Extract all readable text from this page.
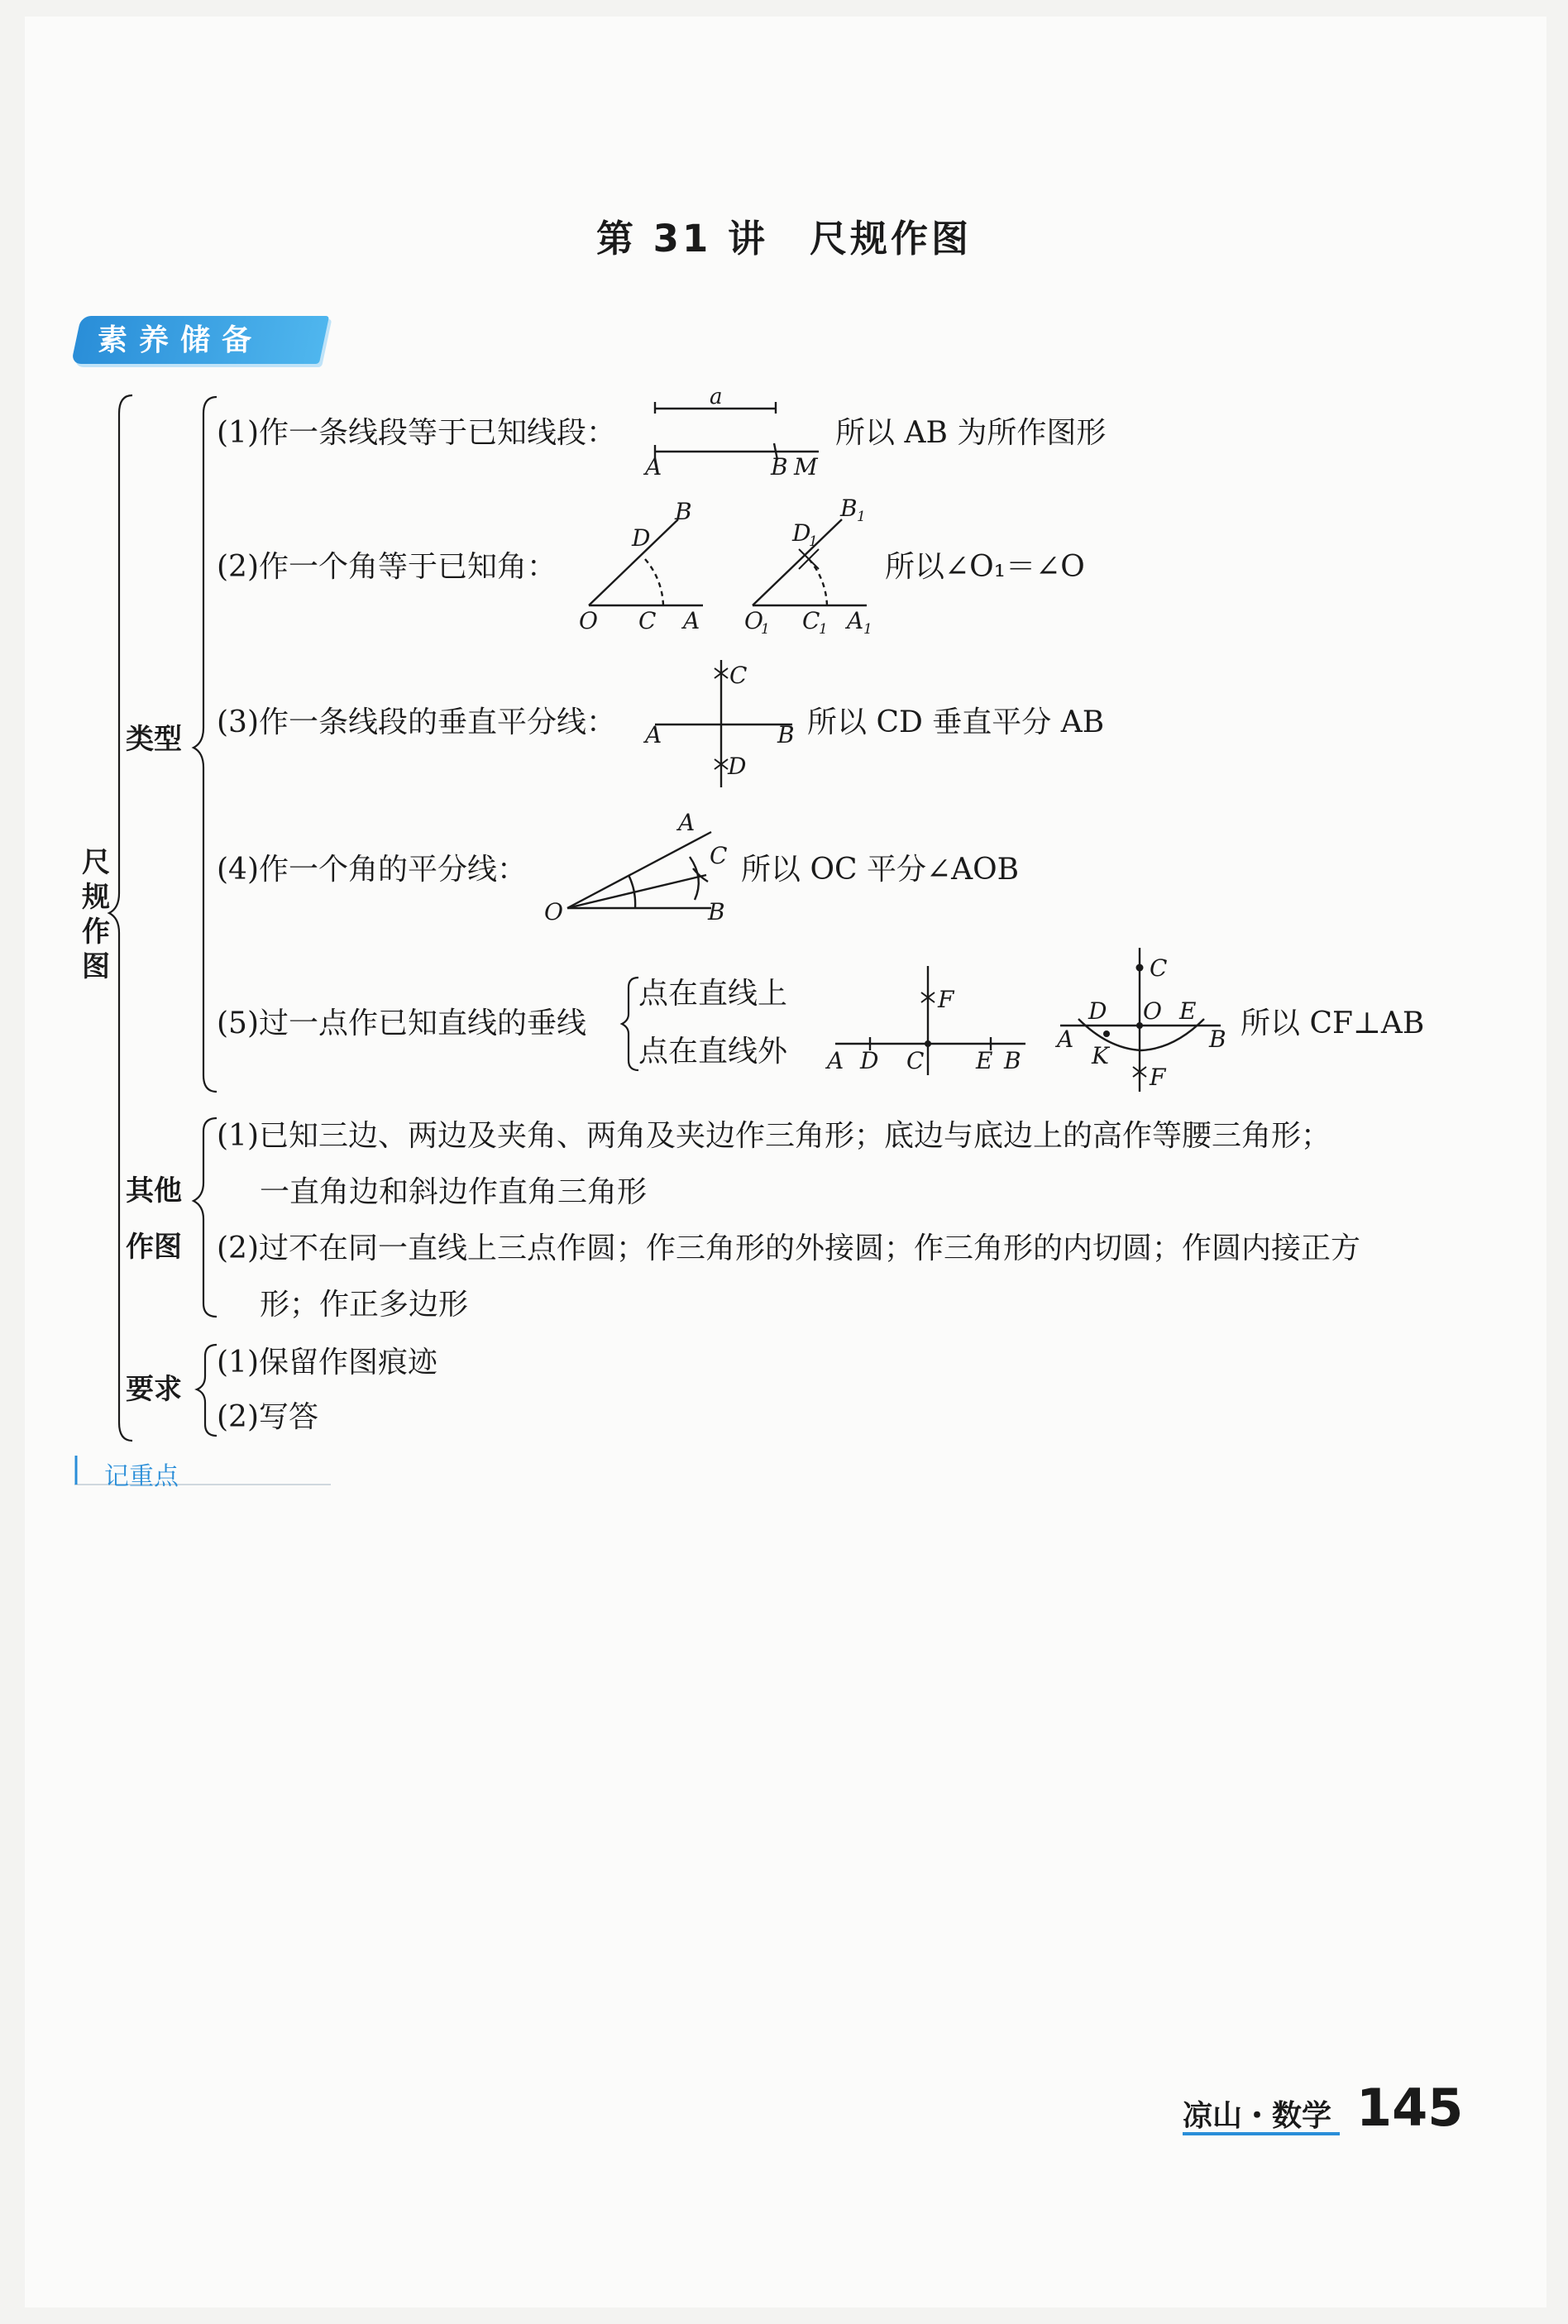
第 31 讲 尺规作图
素养储备
尺规作图
类型
其他
作图
要求
(1)作一条线段等于已知线段：	所以 AB 为所作图形
(2)作一个角等于已知角：	所以∠O₁＝∠O
(3)作一条线段的垂直平分线：	所以 CD 垂直平分 AB
(4)作一个角的平分线：	所以 OC 平分∠AOB
(5)过一点作已知直线的垂线
点在直线上
点在直线外
所以 CF⊥AB
(1)已知三边、两边及夹角、两角及夹边作三角形；底边与底边上的高作等腰三角形；
一直角边和斜边作直角三角形
(2)过不在同一直线上三点作圆；作三角形的外接圆；作三角形的内切圆；作圆内接正方
形；作正多边形
(1)保留作图痕迹
(2)写答
记重点
a
A	B M
O C A
D
B
O
1 C
1 A 1
D
1
B 1
C
A	B
D
A
C
O	B
F
A D C E B
C
D O E
B
A
K
F
凉山・数学 145
